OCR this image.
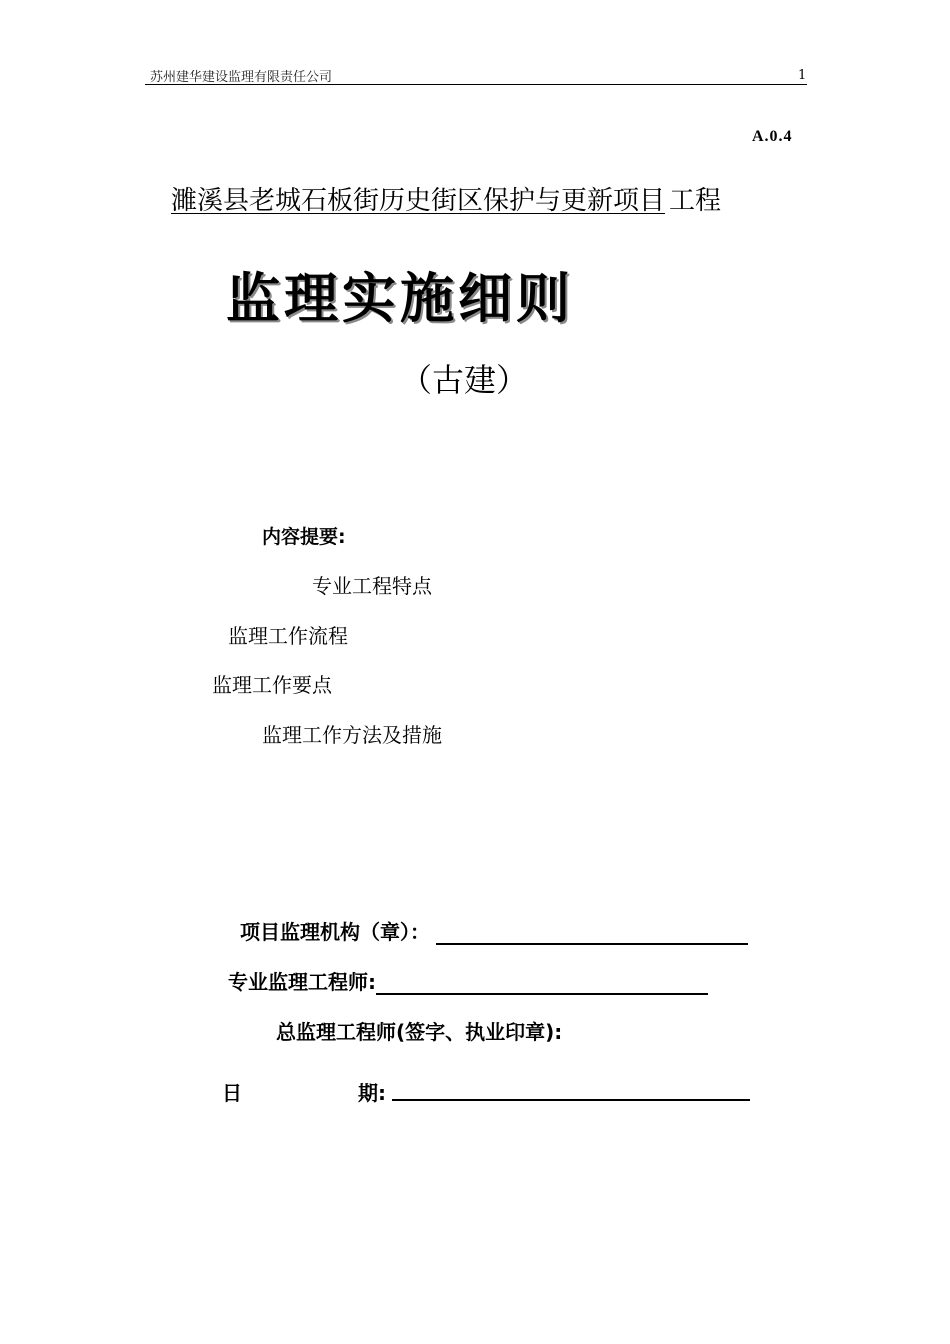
苏州建华建设监理有限责任公司	1
A.0.4
濉溪县老城石板街历史街区保护与更新项目 工程
监理实施细则
（古建）
内容提要:
专业工程特点
监理工作流程
监理工作要点
监理工作方法及措施
项目监理机构（章）：
专业监理工程师:
总监理工程师(签字、执业印章):
日	期:
